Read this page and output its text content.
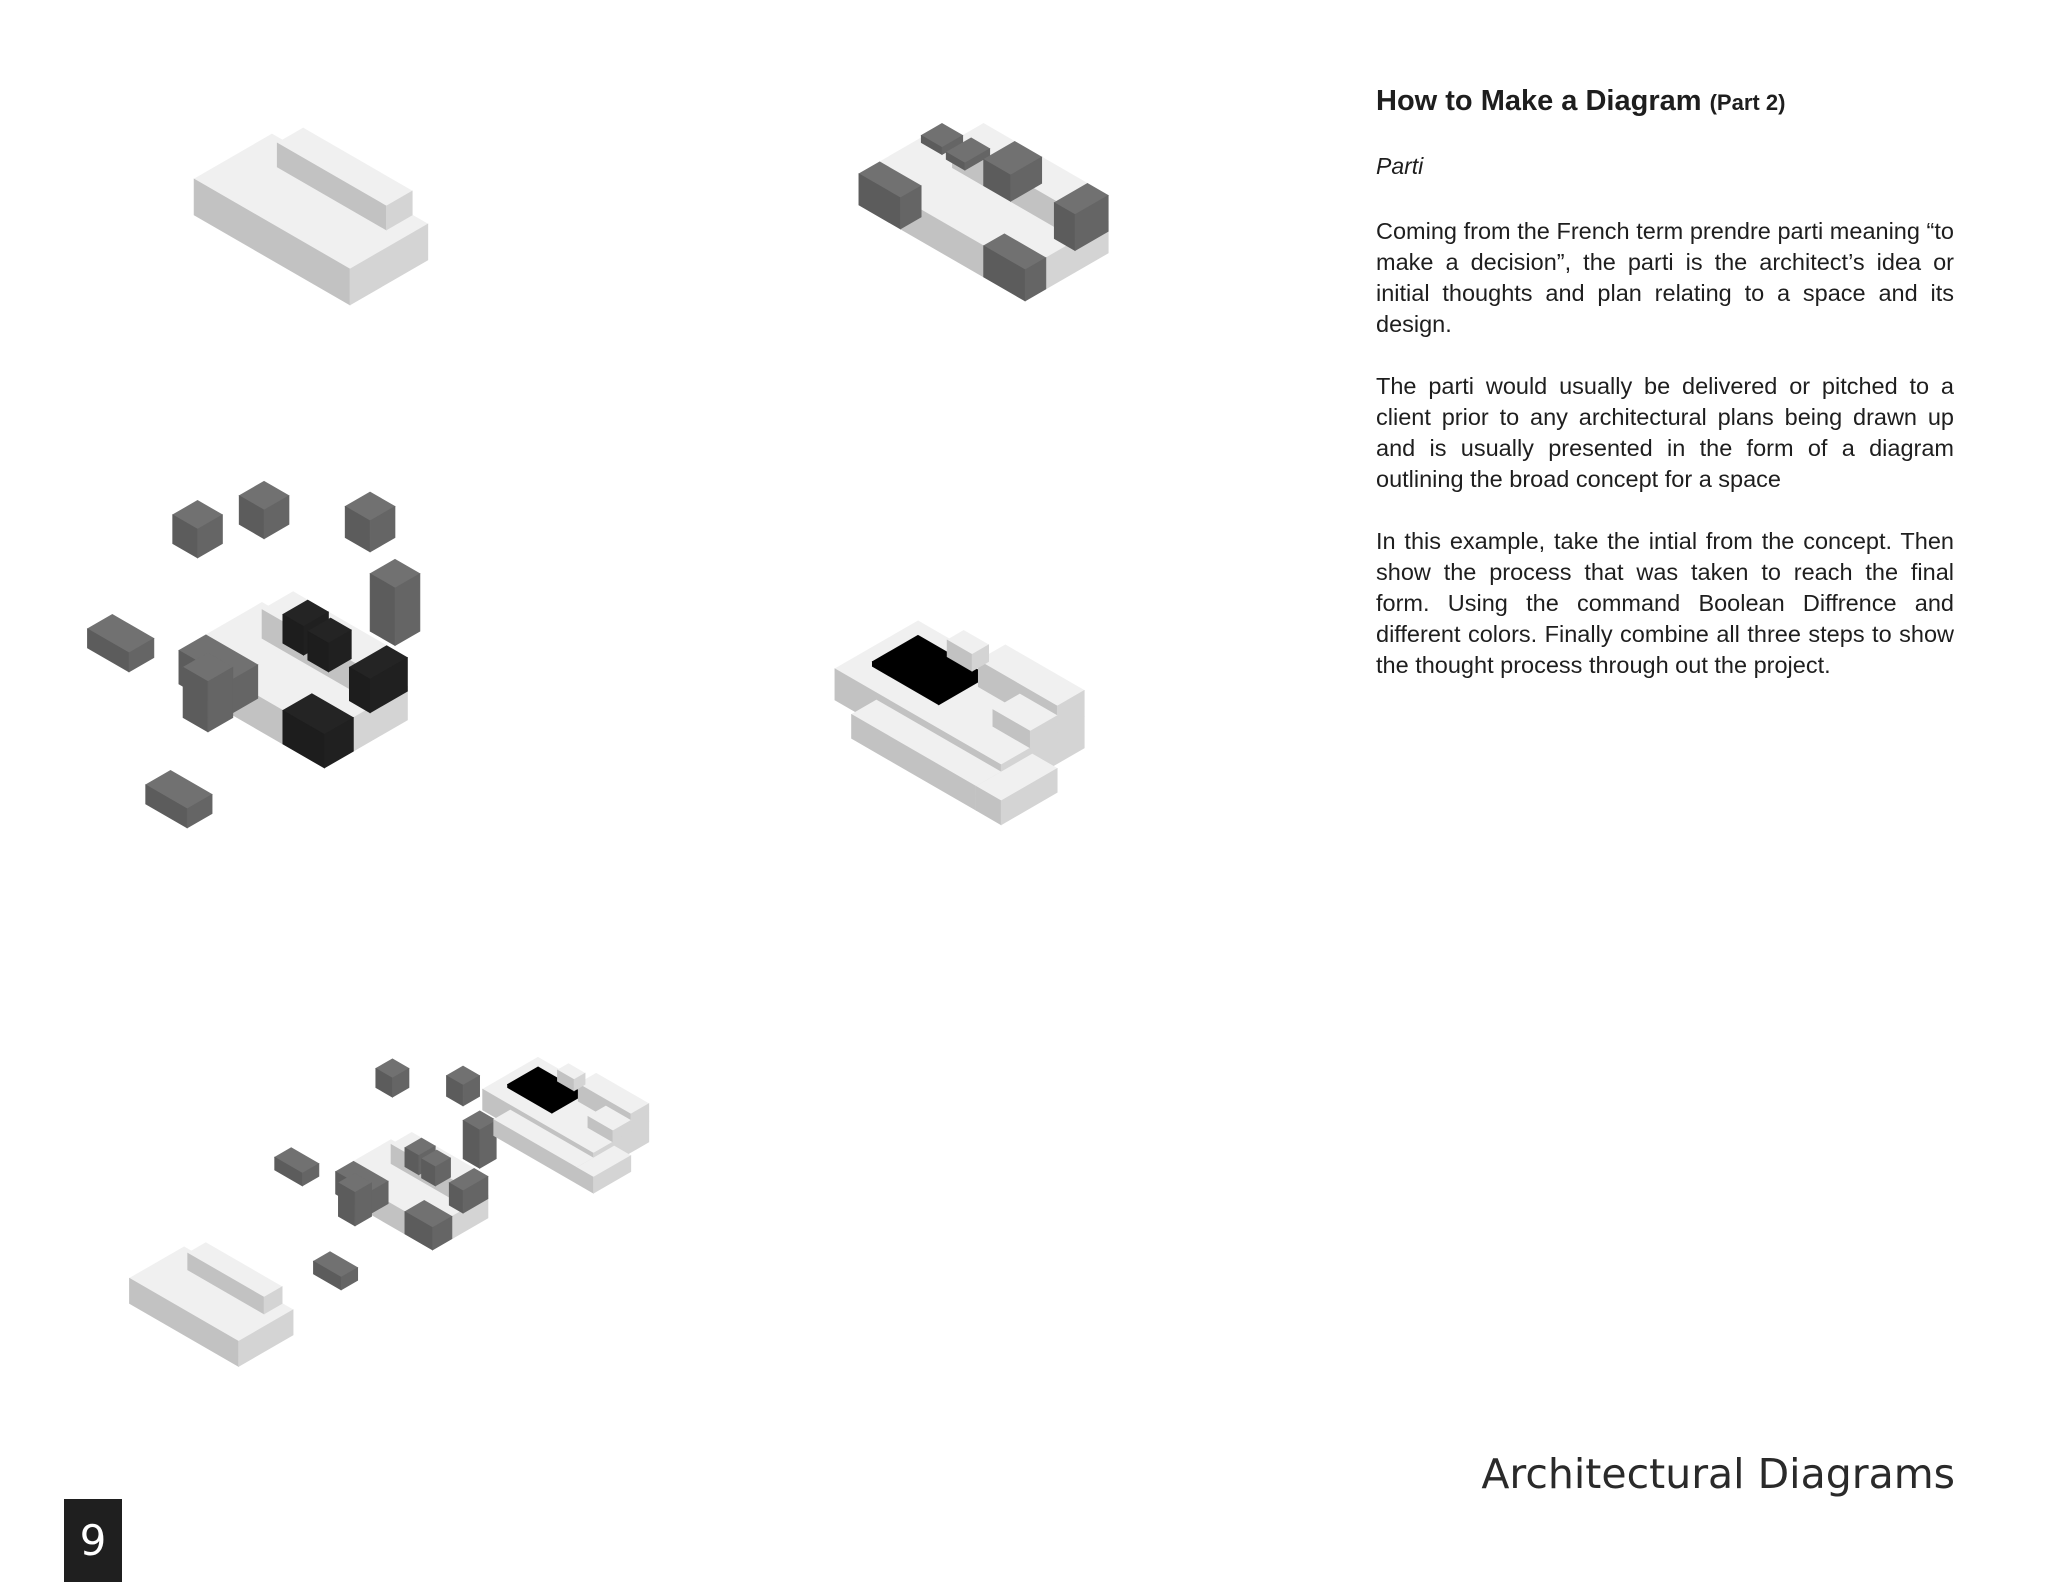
How to Make a Diagram (Part 2)

Parti

Coming from the French term prendre parti meaning “to make a decision”, the parti is the architect’s idea or initial thoughts and plan relating to a space and its design.

The parti would usually be delivered or pitched to a client prior to any architectural plans being drawn up and is usually presented in the form of a diagram outlining the broad concept for a space

In this example, take the intial from the concept. Then show the process that was taken to reach the final form. Using the command Boolean Diffrence and different colors. Finally combine all three steps to show the thought process through out the project.

Architectural Diagrams
9
